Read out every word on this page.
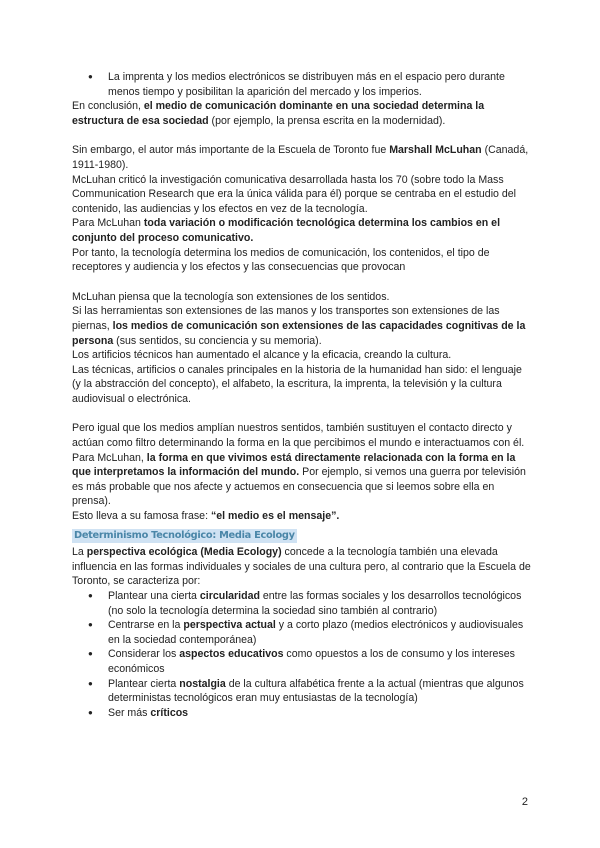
● La imprenta y los medios electrónicos se distribuyen más en el espacio pero durante menos tiempo y posibilitan la aparición del mercado y los imperios.

En conclusión, el medio de comunicación dominante en una sociedad determina la estructura de esa sociedad (por ejemplo, la prensa escrita en la modernidad).

Sin embargo, el autor más importante de la Escuela de Toronto fue Marshall McLuhan (Canadá, 1911-1980).

McLuhan criticó la investigación comunicativa desarrollada hasta los 70 (sobre todo la Mass Communication Research que era la única válida para él) porque se centraba en el estudio del contenido, las audiencias y los efectos en vez de la tecnología.

Para McLuhan toda variación o modificación tecnológica determina los cambios en el conjunto del proceso comunicativo.

Por tanto, la tecnología determina los medios de comunicación, los contenidos, el tipo de receptores y audiencia y los efectos y las consecuencias que provocan

McLuhan piensa que la tecnología son extensiones de los sentidos.

Si las herramientas son extensiones de las manos y los transportes son extensiones de las piernas, los medios de comunicación son extensiones de las capacidades cognitivas de la persona (sus sentidos, su conciencia y su memoria).

Los artificios técnicos han aumentado el alcance y la eficacia, creando la cultura.

Las técnicas, artificios o canales principales en la historia de la humanidad han sido: el lenguaje (y la abstracción del concepto), el alfabeto, la escritura, la imprenta, la televisión y la cultura audiovisual o electrónica.

Pero igual que los medios amplían nuestros sentidos, también sustituyen el contacto directo y actúan como filtro determinando la forma en la que percibimos el mundo e interactuamos con él.

Para McLuhan, la forma en que vivimos está directamente relacionada con la forma en la que interpretamos la información del mundo. Por ejemplo, si vemos una guerra por televisión es más probable que nos afecte y actuemos en consecuencia que si leemos sobre ella en prensa).

Esto lleva a su famosa frase: “el medio es el mensaje”.

Determinismo Tecnológico: Media Ecology

La perspectiva ecológica (Media Ecology) concede a la tecnología también una elevada influencia en las formas individuales y sociales de una cultura pero, al contrario que la Escuela de Toronto, se caracteriza por:

● Plantear una cierta circularidad entre las formas sociales y los desarrollos tecnológicos (no solo la tecnología determina la sociedad sino también al contrario)
● Centrarse en la perspectiva actual y a corto plazo (medios electrónicos y audiovisuales en la sociedad contemporánea)
● Considerar los aspectos educativos como opuestos a los de consumo y los intereses económicos
● Plantear cierta nostalgia de la cultura alfabética frente a la actual (mientras que algunos deterministas tecnológicos eran muy entusiastas de la tecnología)
● Ser más críticos
2
